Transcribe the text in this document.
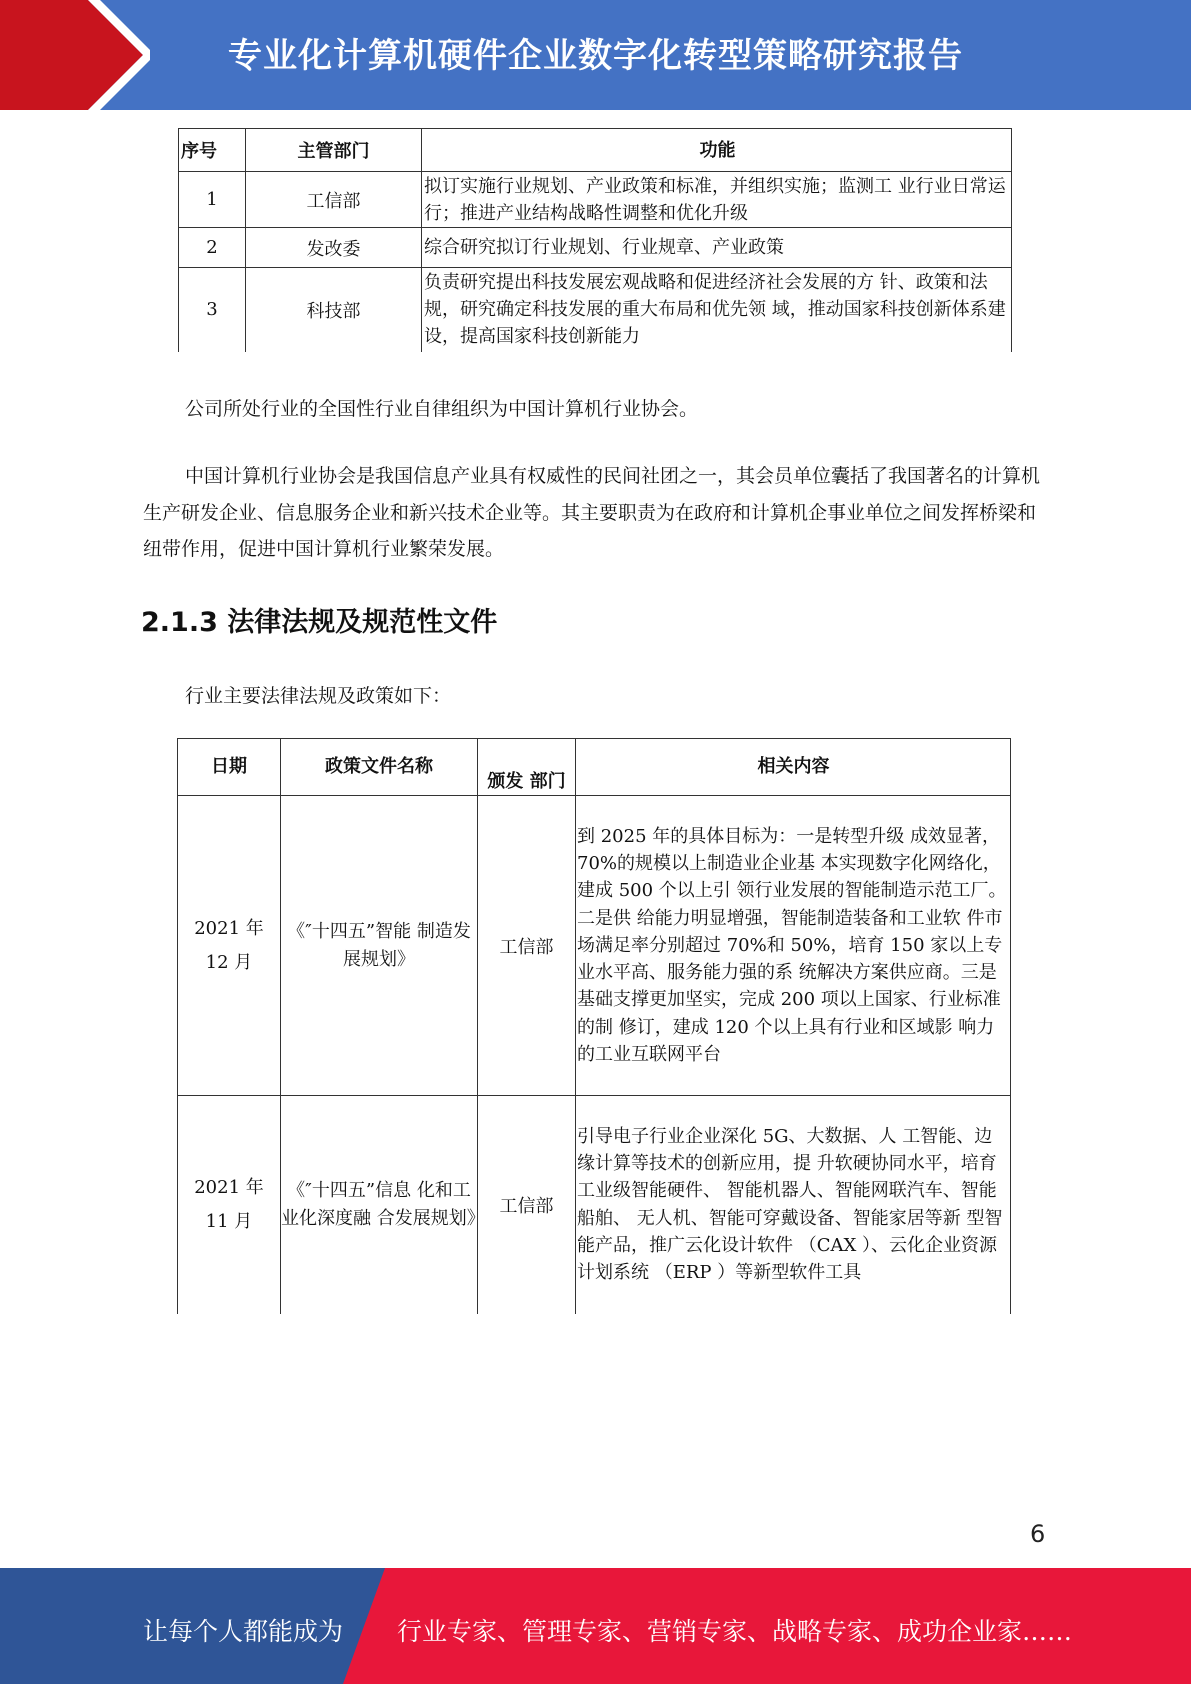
专业化计算机硬件企业数字化转型策略研究报告
序号	主管部门	功能
1	工信部	拟订实施行业规划、产业政策和标准，并组织实施；监测工 业行业日常运行；推进产业结构战略性调整和优化升级
2	发改委	综合研究拟订行业规划、行业规章、产业政策
3	科技部	负责研究提出科技发展宏观战略和促进经济社会发展的方 针、政策和法规，研究确定科技发展的重大布局和优先领 域，推动国家科技创新体系建设，提高国家科技创新能力
公司所处行业的全国性行业自律组织为中国计算机行业协会。
中国计算机行业协会是我国信息产业具有权威性的民间社团之一，其会员单位囊括了我国著名的计算机生产研发企业、信息服务企业和新兴技术企业等。其主要职责为在政府和计算机企事业单位之间发挥桥梁和纽带作用，促进中国计算机行业繁荣发展。
2.1.3 法律法规及规范性文件
行业主要法律法规及政策如下：
日期	政策文件名称	颁发 部门	相关内容

2021 年
12 月	《″十四五”智能 制造发展规划》	工信部	到 2025 年的具体目标为：一是转型升级 成效显著，70%的规模以上制造业企业基 本实现数字化网络化，建成 500 个以上引 领行业发展的智能制造示范工厂。二是供 给能力明显增强，智能制造装备和工业软 件市场满足率分别超过 70%和 50%，培育 150 家以上专业水平高、服务能力强的系 统解决方案供应商。三是基础支撑更加坚实，完成 200 项以上国家、行业标准的制 修订，建成 120 个以上具有行业和区域影 响力的工业互联网平台

2021 年
11 月	《″十四五”信息 化和工业化深度融 合发展规划》	工信部	引导电子行业企业深化 5G、大数据、人 工智能、边缘计算等技术的创新应用，提 升软硬协同水平，培育工业级智能硬件、 智能机器人、智能网联汽车、智能船舶、 无人机、智能可穿戴设备、智能家居等新 型智能产品，推广云化设计软件 （CAX ）、云化企业资源计划系统 （ERP ）等新型软件工具
6
让每个人都能成为 行业专家、管理专家、营销专家、战略专家、成功企业家……
